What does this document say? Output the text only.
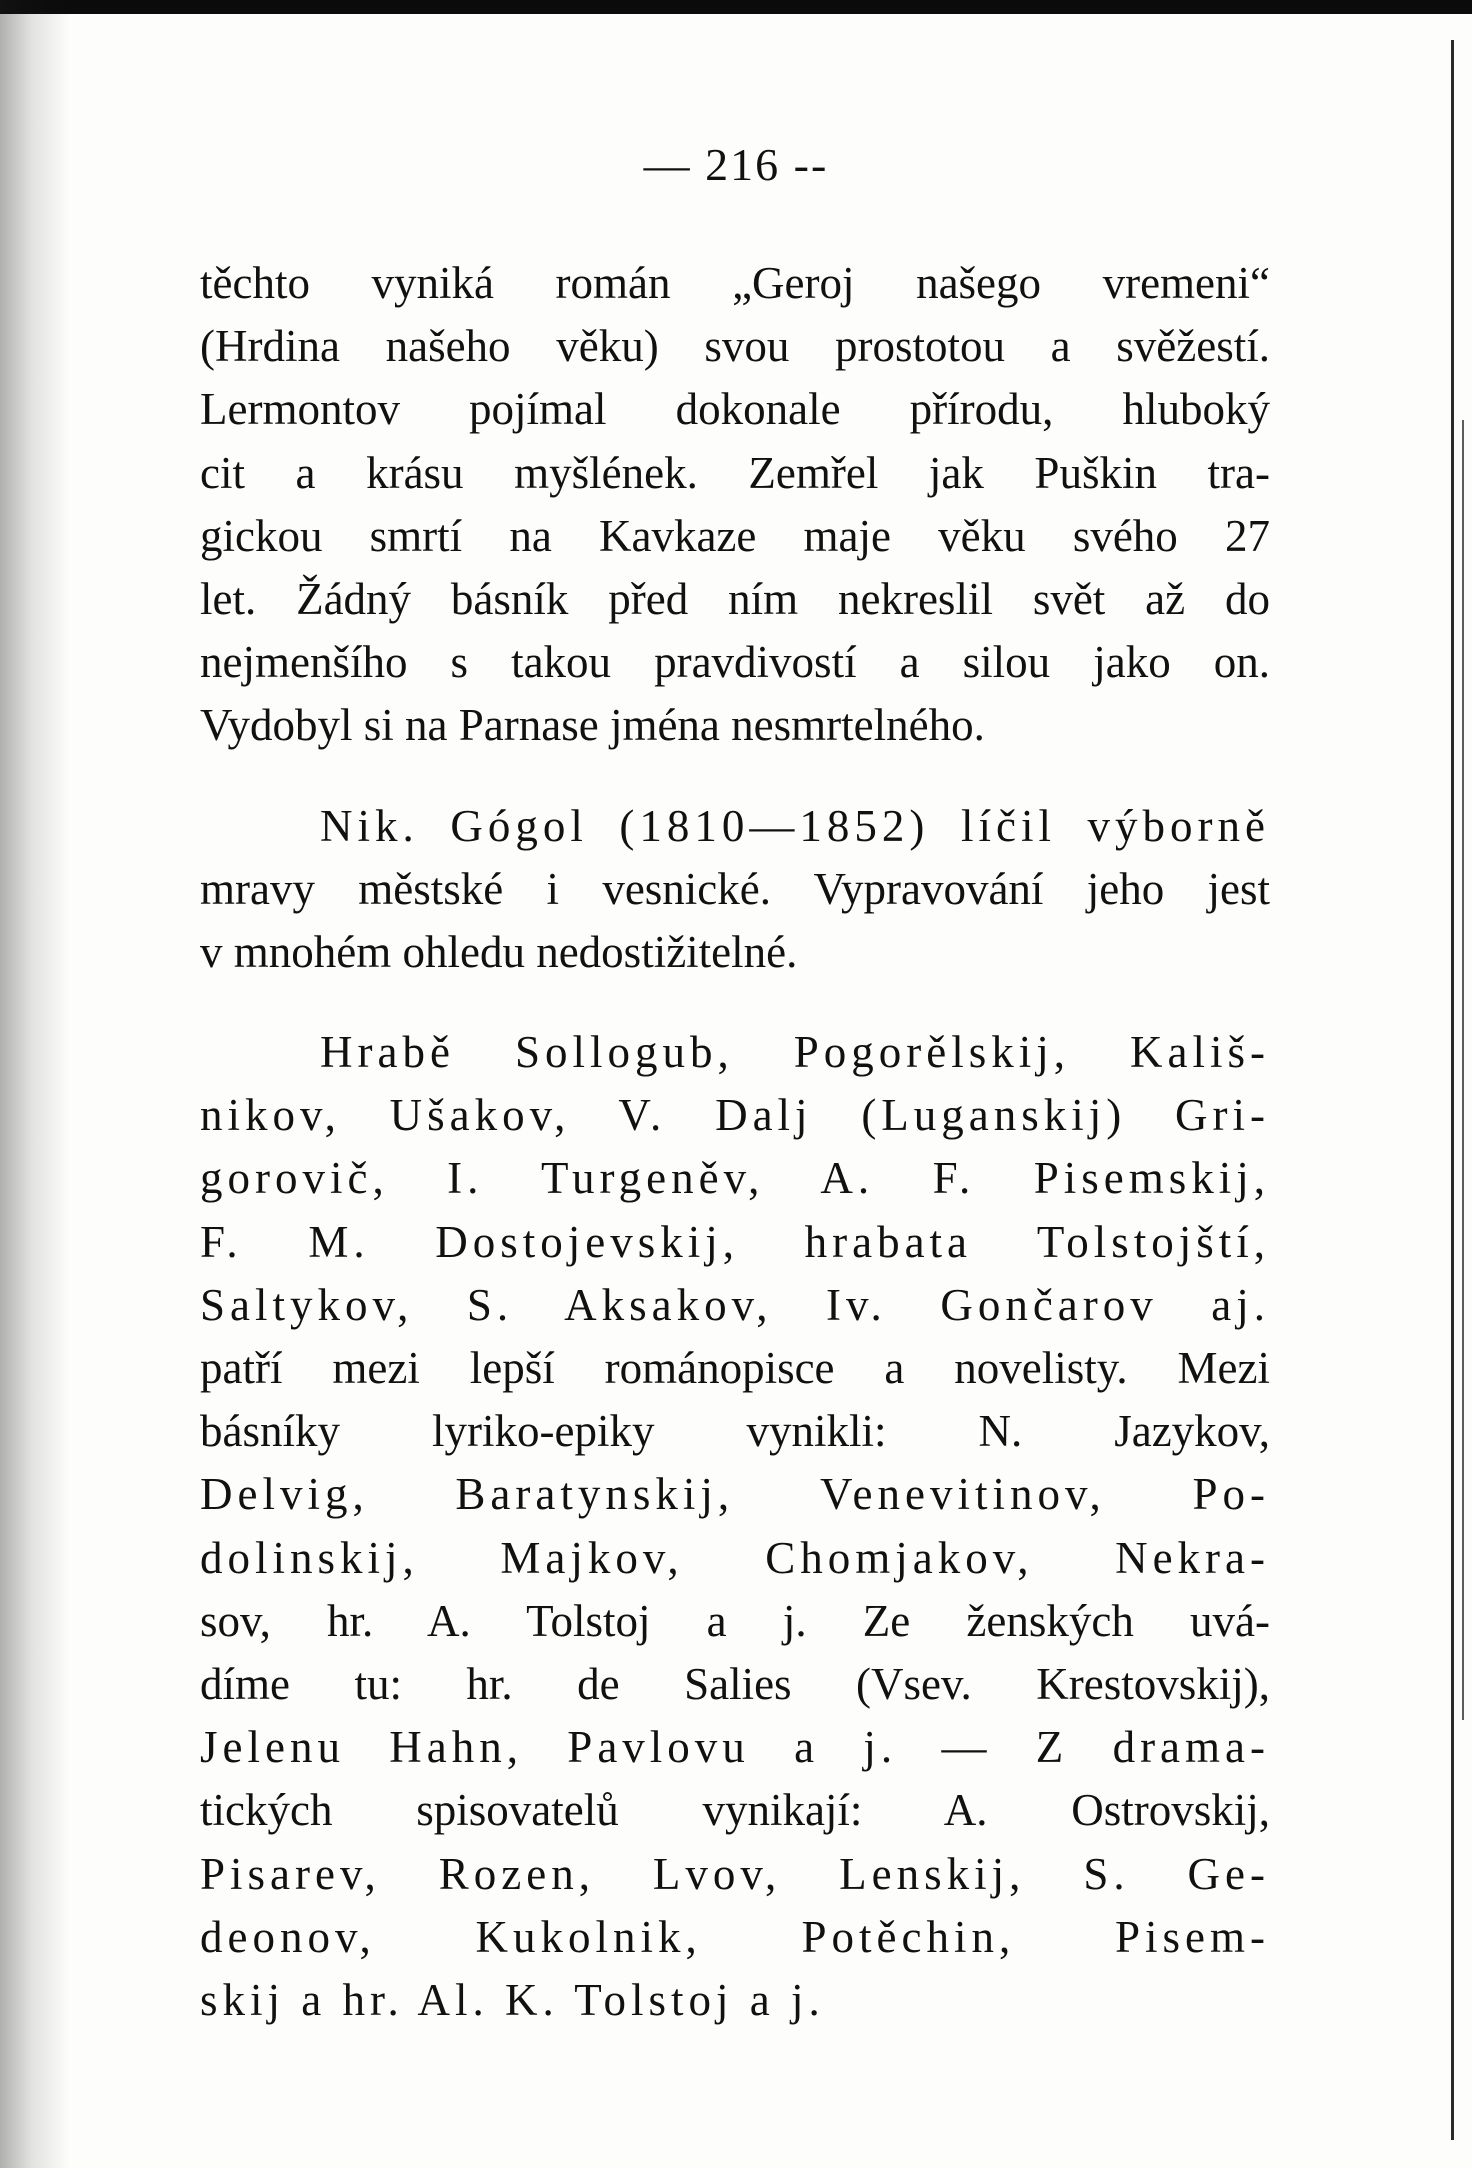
— 216 --
těchto vyniká román „Geroj našego vremeni“
(Hrdina našeho věku) svou prostotou a svěžestí.
Lermontov pojímal dokonale přírodu, hluboký
cit a krásu myšlének. Zemřel jak Puškin tra-
gickou smrtí na Kavkaze maje věku svého 27
let. Žádný básník před ním nekreslil svět až do
nejmenšího s takou pravdivostí a silou jako on.
Vydobyl si na Parnase jména nesmrtelného.
Nik. Gógol (1810—1852) líčil výborně
mravy městské i vesnické. Vypravování jeho jest
v mnohém ohledu nedostižitelné.
Hrabě Sollogub, Pogorělskij, Kališ-
nikov, Ušakov, V. Dalj (Luganskij) Gri-
gorovič, I. Turgeněv, A. F. Pisemskij,
F. M. Dostojevskij, hrabata Tolstojští,
Saltykov, S. Aksakov, Iv. Gončarov aj.
patří mezi lepší románopisce a novelisty. Mezi
básníky lyriko-epiky vynikli: N. Jazykov,
Delvig, Baratynskij, Venevitinov, Po-
dolinskij, Majkov, Chomjakov, Nekra-
sov, hr. A. Tolstoj a j. Ze ženských uvá-
díme tu: hr. de Salies (Vsev. Krestovskij),
Jelenu Hahn, Pavlovu a j. — Z drama-
tických spisovatelů vynikají: A. Ostrovskij,
Pisarev, Rozen, Lvov, Lenskij, S. Ge-
deonov, Kukolnik, Potěchin, Pisem-
skij a hr. Al. K. Tolstoj a j.
